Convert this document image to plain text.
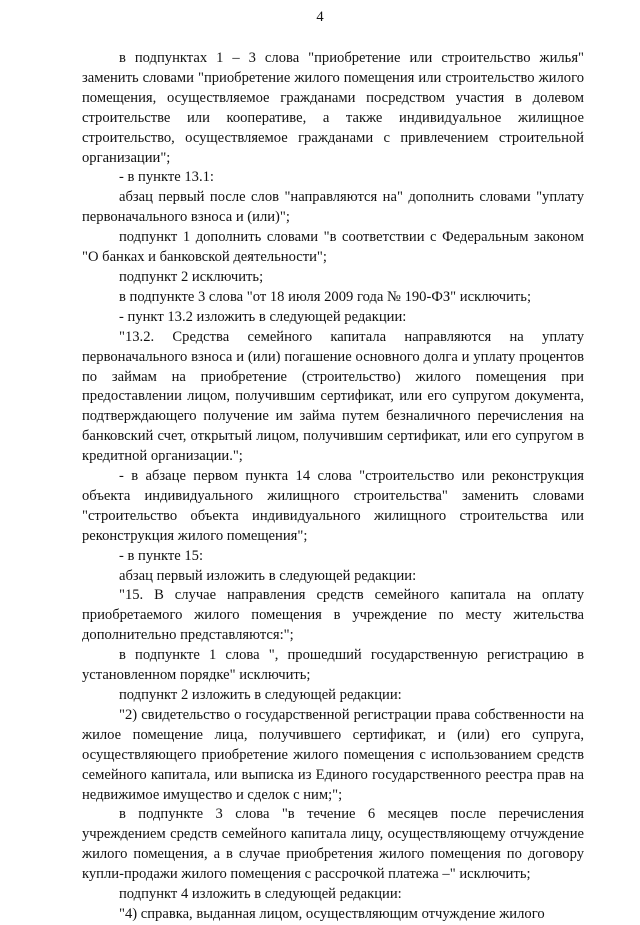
4

в подпунктах 1 – 3 слова "приобретение или строительство жилья" заменить словами "приобретение жилого помещения или строительство жилого помещения, осуществляемое гражданами посредством участия в долевом строительстве или кооперативе, а также индивидуальное жилищное строительство, осуществляемое гражданами с привлечением строительной организации";

- в пункте 13.1:

абзац первый после слов "направляются на" дополнить словами "уплату первоначального взноса и (или)";

подпункт 1 дополнить словами "в соответствии с Федеральным законом "О банках и банковской деятельности";

подпункт 2 исключить;

в подпункте 3 слова "от 18 июля 2009 года № 190-ФЗ" исключить;

- пункт 13.2 изложить в следующей редакции:

"13.2. Средства семейного капитала направляются на уплату первоначального взноса и (или) погашение основного долга и уплату процентов по займам на приобретение (строительство) жилого помещения при предоставлении лицом, получившим сертификат, или его супругом документа, подтверждающего получение им займа путем безналичного перечисления на банковский счет, открытый лицом, получившим сертификат, или его супругом в кредитной организации.";

- в абзаце первом пункта 14 слова "строительство или реконструкция объекта индивидуального жилищного строительства" заменить словами "строительство объекта индивидуального жилищного строительства или реконструкция жилого помещения";

- в пункте 15:

абзац первый изложить в следующей редакции:

"15. В случае направления средств семейного капитала на оплату приобретаемого жилого помещения в учреждение по месту жительства дополнительно представляются:";

в подпункте 1 слова ", прошедший государственную регистрацию в установленном порядке" исключить;

подпункт 2 изложить в следующей редакции:

"2) свидетельство о государственной регистрации права собственности на жилое помещение лица, получившего сертификат, и (или) его супруга, осуществляющего приобретение жилого помещения с использованием средств семейного капитала, или выписка из Единого государственного реестра прав на недвижимое имущество и сделок с ним;";

в подпункте 3 слова "в течение 6 месяцев после перечисления учреждением средств семейного капитала лицу, осуществляющему отчуждение жилого помещения, а в случае приобретения жилого помещения по договору купли-продажи жилого помещения с рассрочкой платежа –" исключить;

подпункт 4 изложить в следующей редакции:

"4) справка, выданная лицом, осуществляющим отчуждение жилого
